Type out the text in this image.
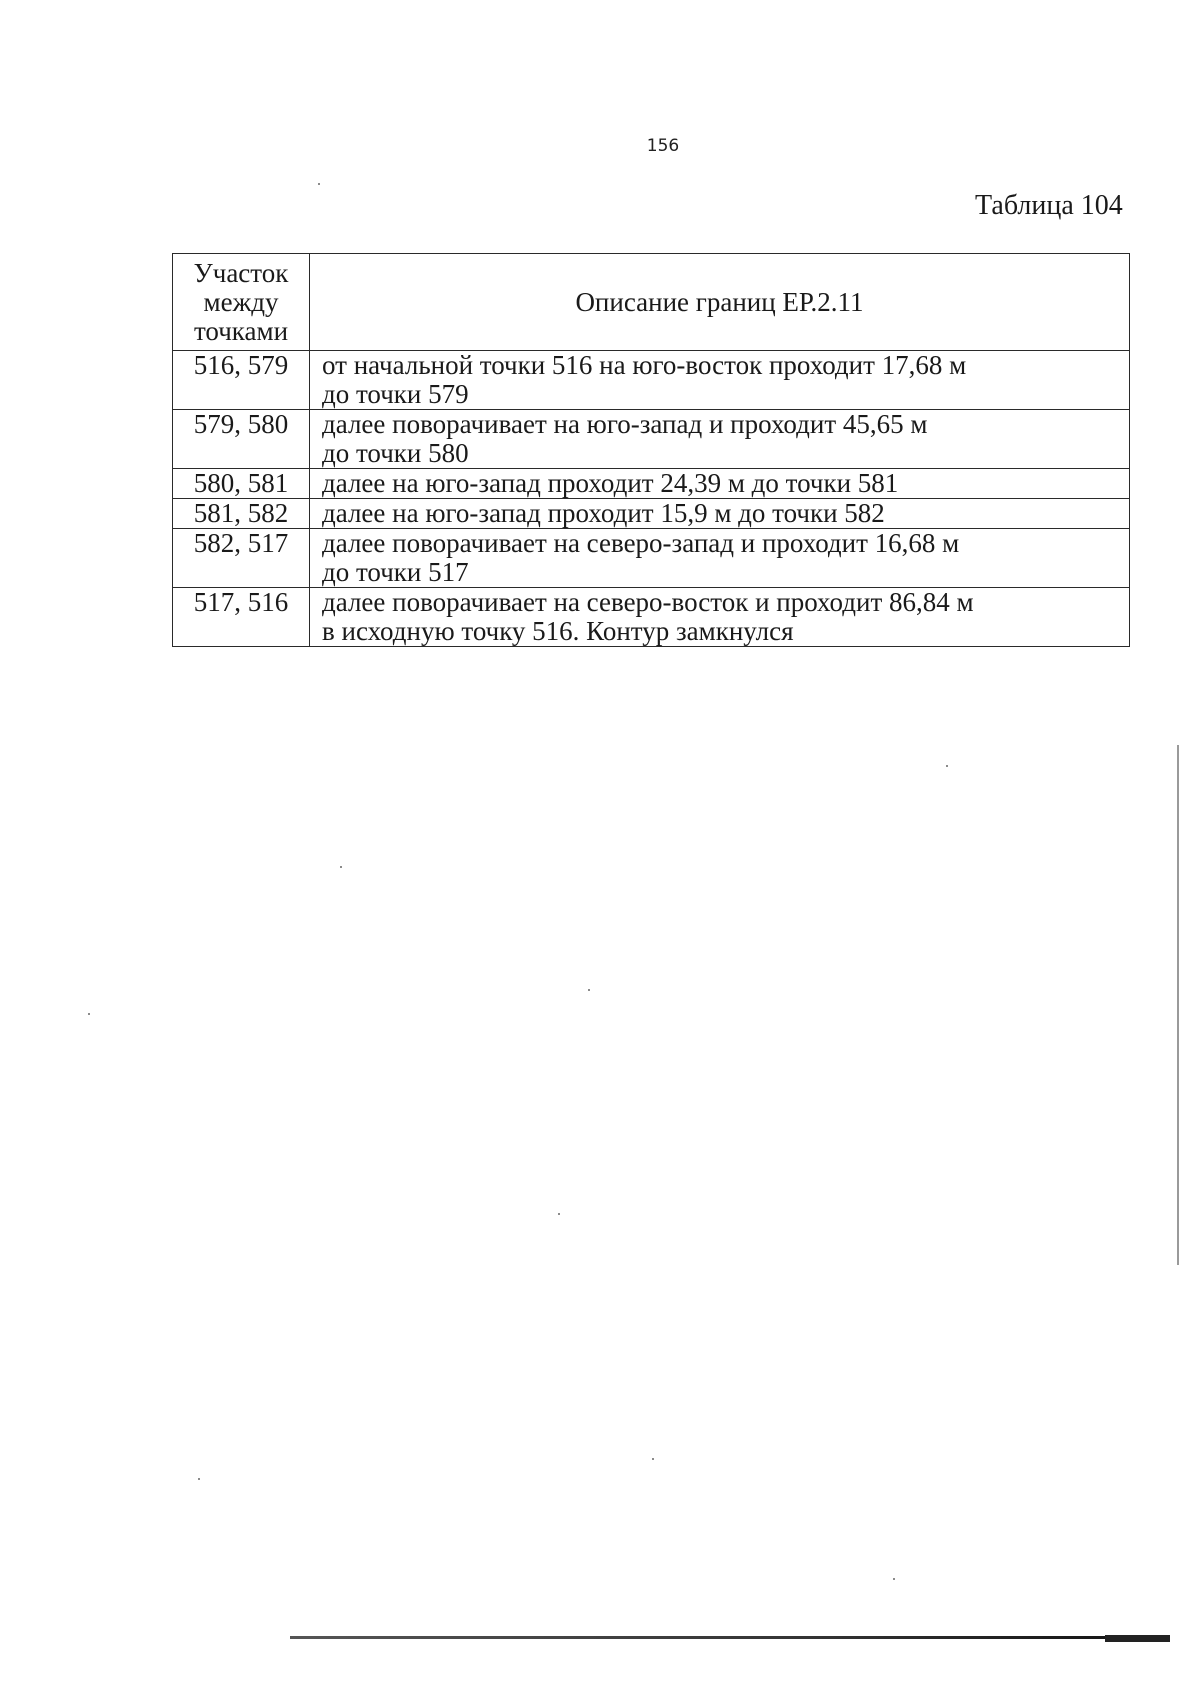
156
Таблица 104
Участок
между
точками	Описание границ ЕР.2.11
516, 579	от начальной точки 516 на юго-восток проходит 17,68 м
до точки 579

579, 580	далее поворачивает на юго-запад и проходит 45,65 м
до точки 580

580, 581	далее на юго-запад проходит 24,39 м до точки 581

581, 582	далее на юго-запад проходит 15,9 м до точки 582

582, 517	далее поворачивает на северо-запад и проходит 16,68 м
до точки 517

517, 516	далее поворачивает на северо-восток и проходит 86,84 м
в исходную точку 516. Контур замкнулся
